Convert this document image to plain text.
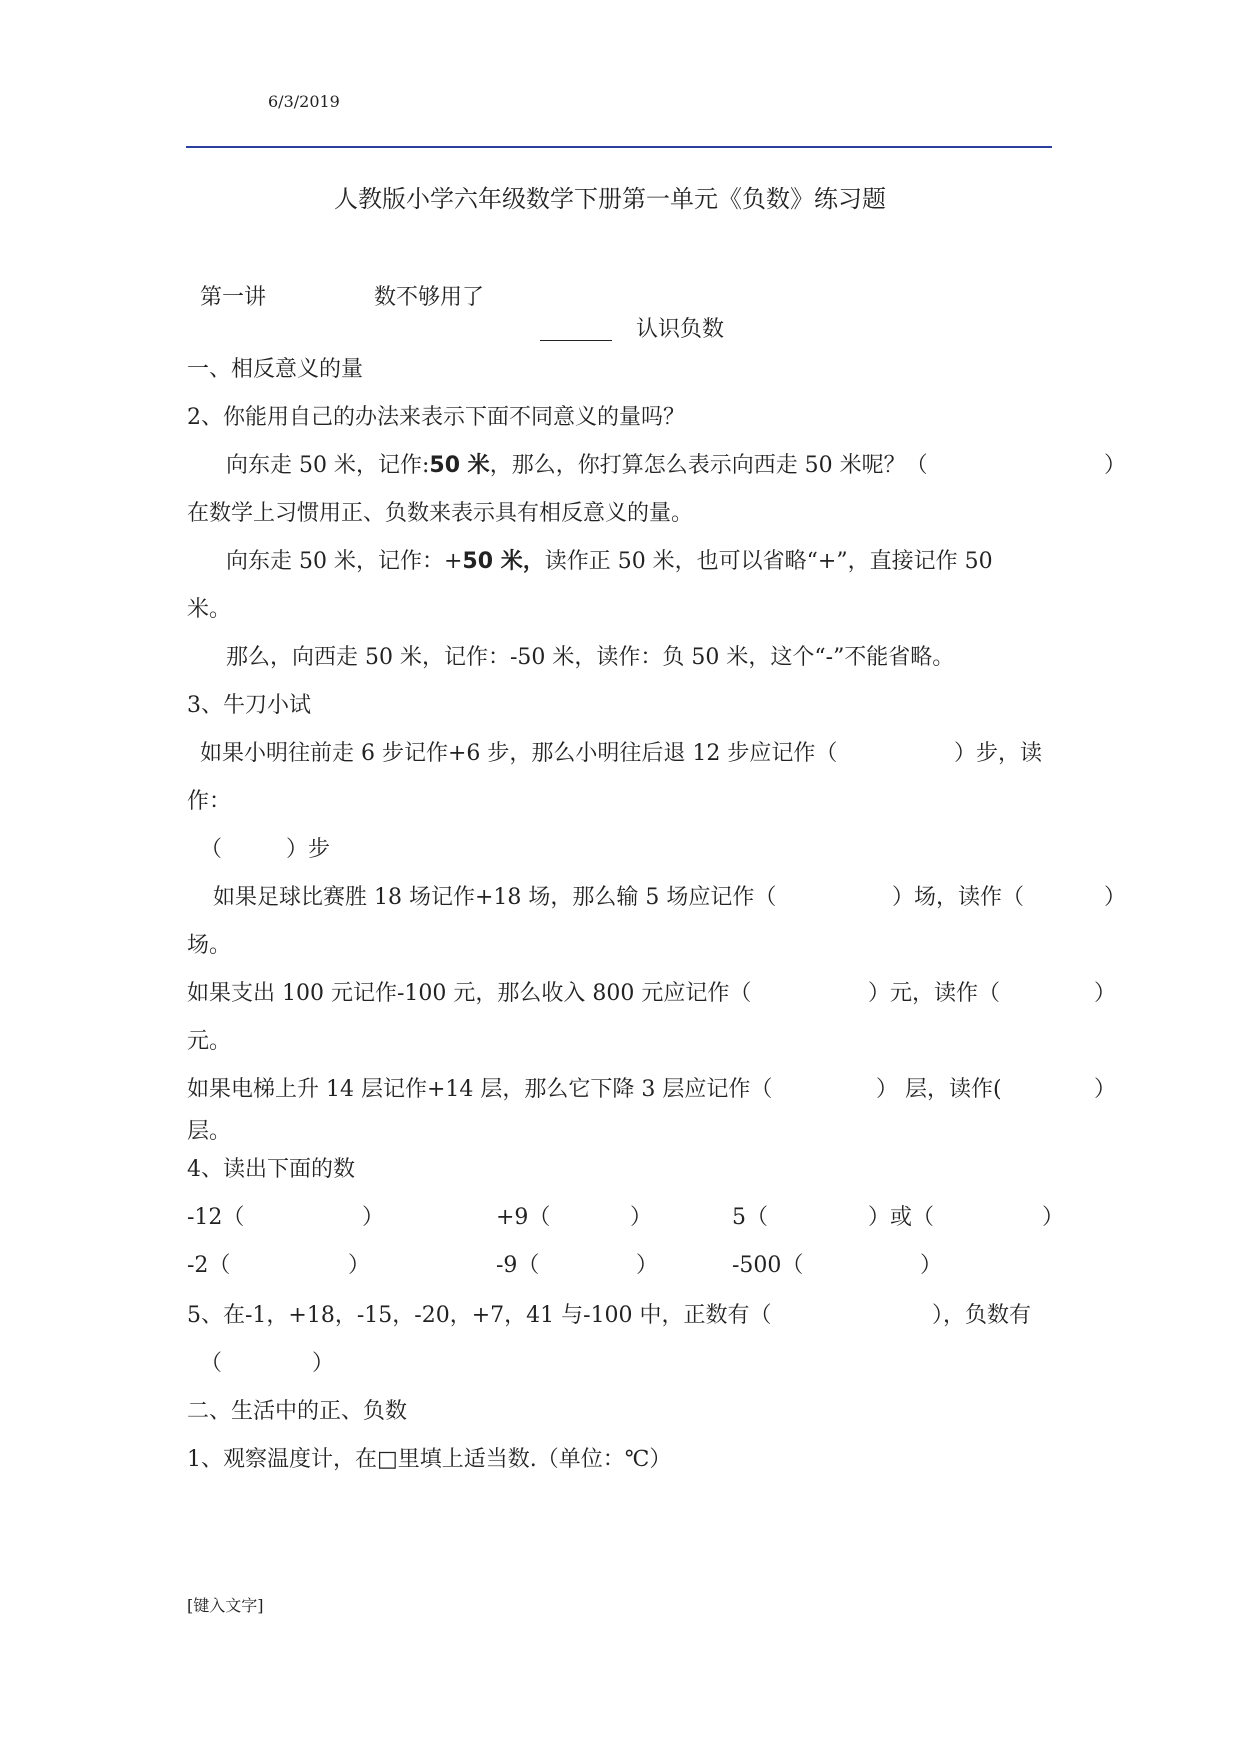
6/3/2019
人教版小学六年级数学下册第一单元《负数》练习题
第一讲	数不够用了
认识负数
一、相反意义的量
2、你能用自己的办法来表示下面不同意义的量吗？
向东走 50 米，记作:50 米，那么，你打算怎么表示向西走 50 米呢？（	）
在数学上习惯用正、负数来表示具有相反意义的量。
向东走 50 米，记作：+50 米，读作正 50 米，也可以省略“+”，直接记作 50
米。
那么，向西走 50 米，记作：-50 米，读作：负 50 米，这个“-”不能省略。
3、牛刀小试
如果小明往前走 6 步记作+6 步，那么小明往后退 12 步应记作（	）步，读
作：
（	）步
如果足球比赛胜 18 场记作+18 场，那么输 5 场应记作（	）场，读作（	）
场。
如果支出 100 元记作-100 元，那么收入 800 元应记作（	）元，读作（	）
元。
如果电梯上升 14 层记作+14 层，那么它下降 3 层应记作（	） 层，读作(	）
层。
4、读出下面的数
-12（	）	+9（	）	5（	）或（	）
-2（	）	-9（	）	-500（	）
5、在-1，+18，-15，-20，+7，41 与-100 中，正数有（	），负数有
（	）
二、生活中的正、负数
1、观察温度计，在□里填上适当数.（单位：℃）
[键入文字]
